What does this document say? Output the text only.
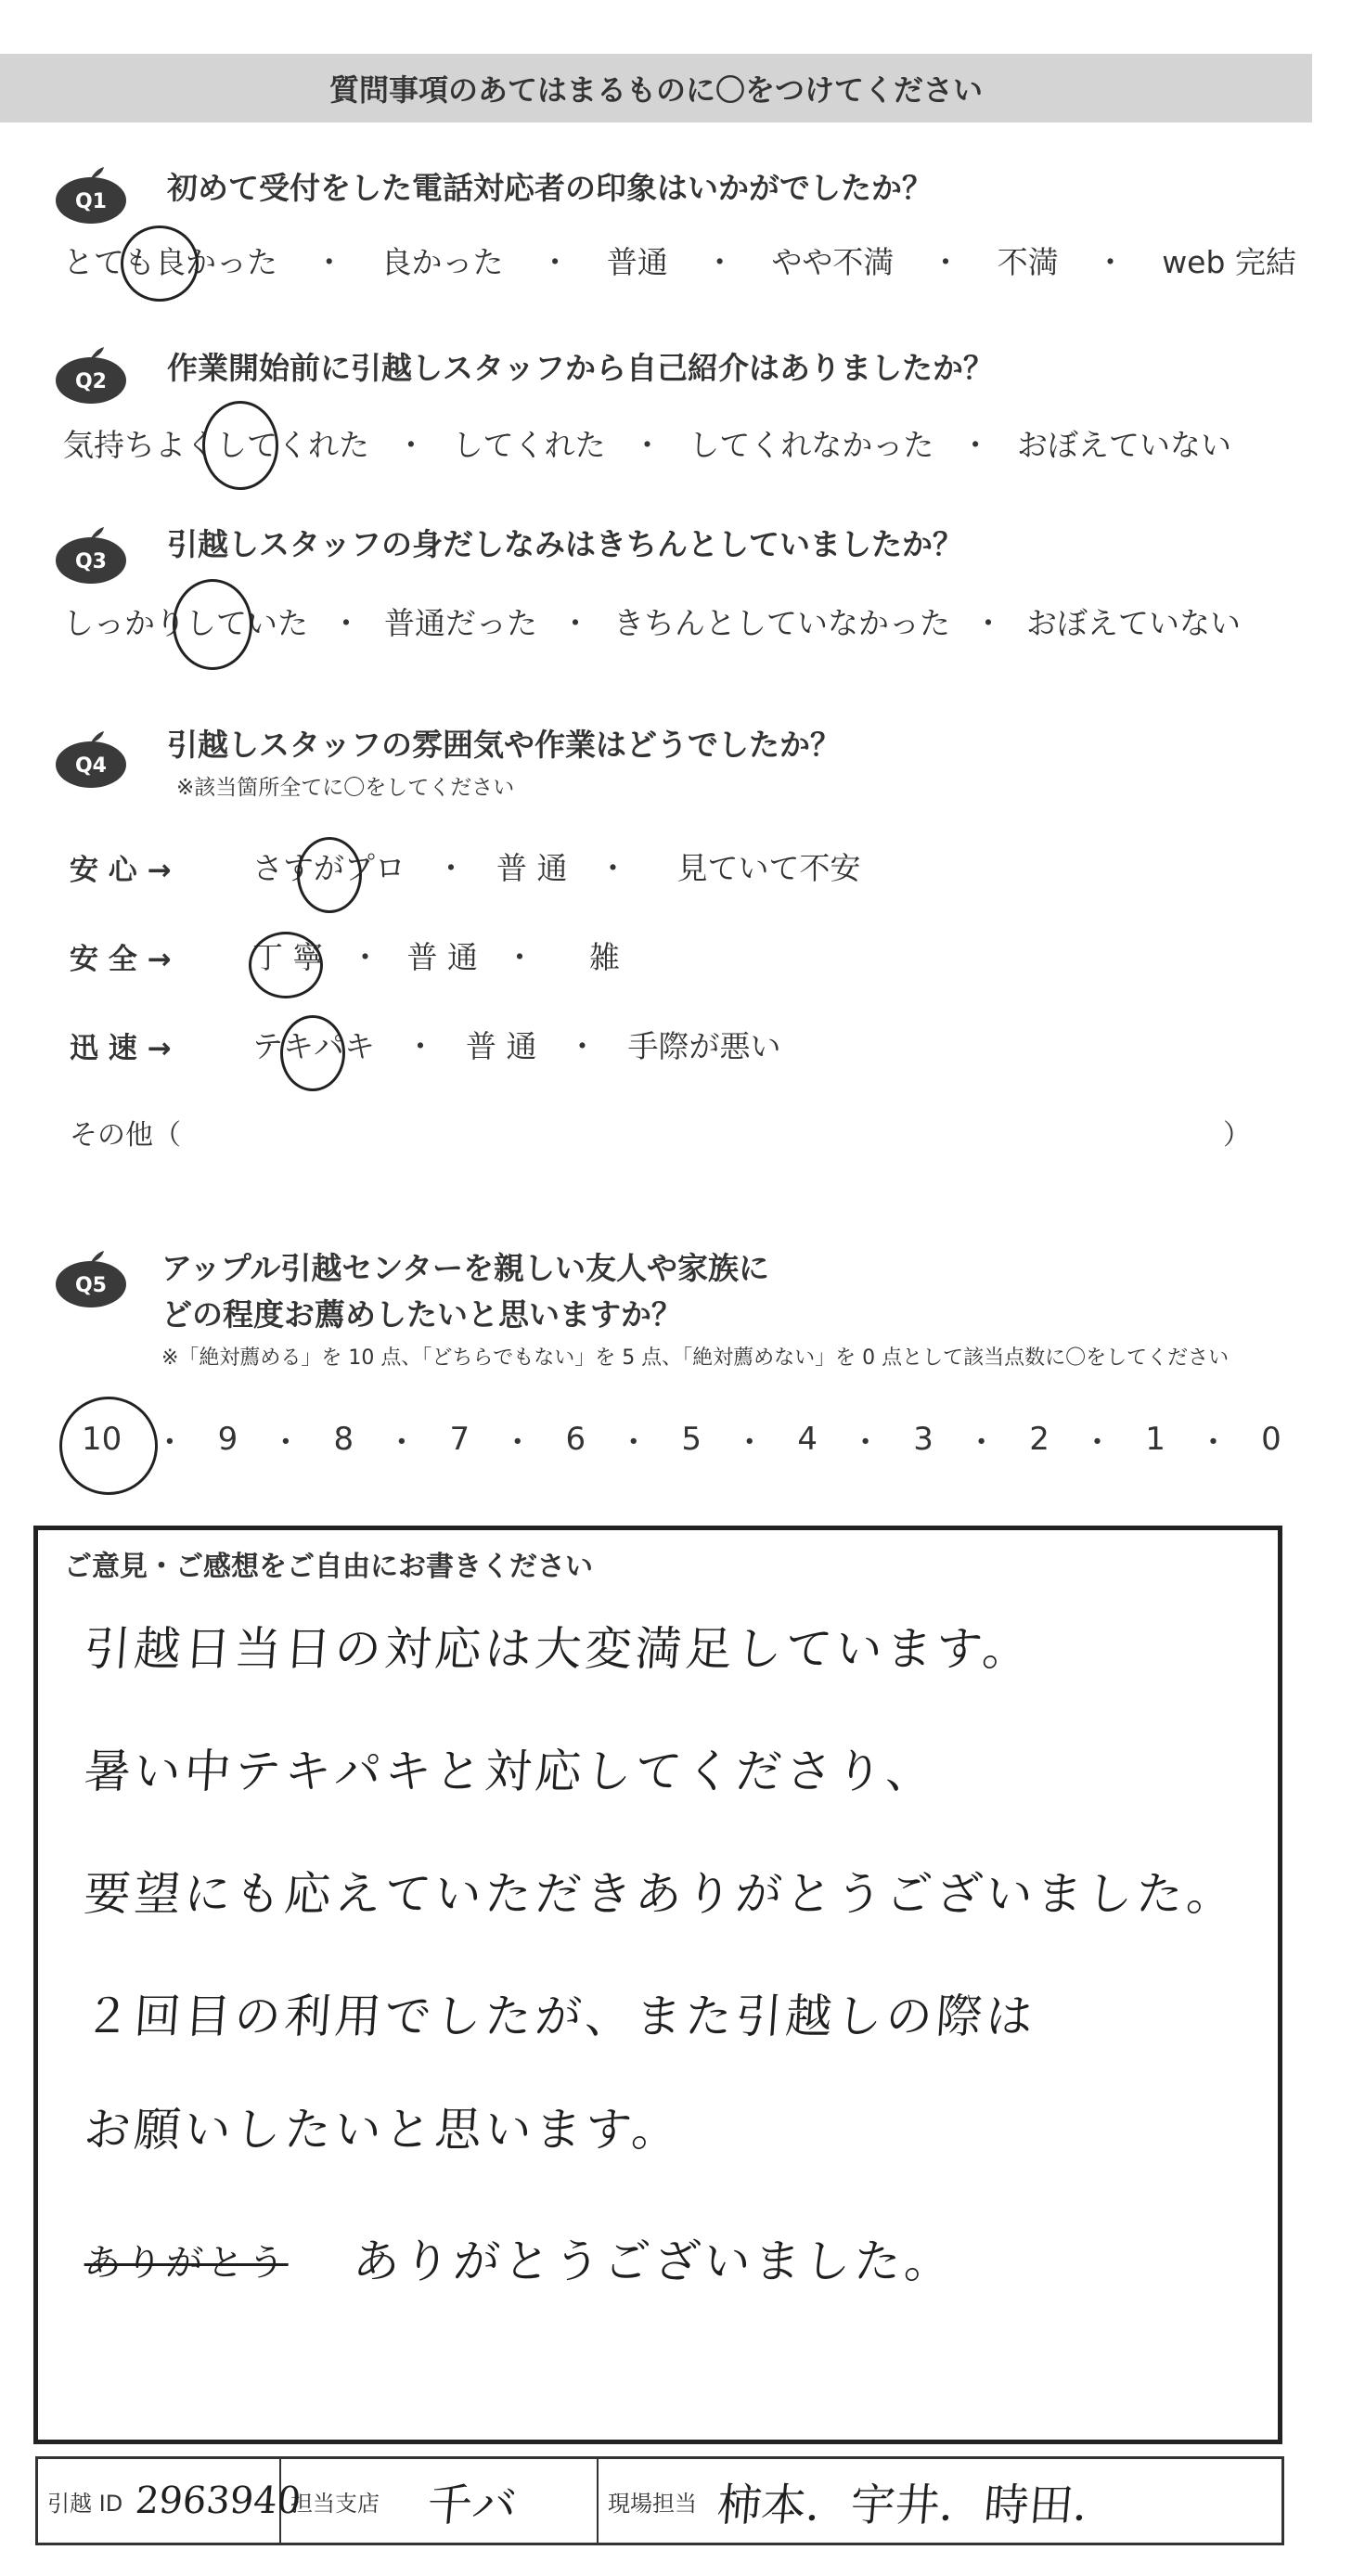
質問事項のあてはまるものに〇をつけてください
Q1 初めて受付をした電話対応者の印象はいかがでしたか？
とても良かった ・ 良かった ・ 普通 ・ やや不満 ・ 不満 ・ web 完結
Q2 作業開始前に引越しスタッフから自己紹介はありましたか？
気持ちよくしてくれた ・ してくれた ・ してくれなかった ・ おぼえていない
Q3 引越しスタッフの身だしなみはきちんとしていましたか？
しっかりしていた ・ 普通だった ・ きちんとしていなかった ・ おぼえていない
Q4
引越しスタッフの雰囲気や作業はどうでしたか？
※該当箇所全てに〇をしてください
安 心 →	さすがプロ ・ 普 通 ・ 見ていて不安
安 全 →	丁 寧 ・ 普 通 ・ 雑
迅 速 →	テキパキ ・ 普 通 ・ 手際が悪い
その他（	）
Q5 アップル引越センターを親しい友人や家族に
どの程度お薦めしたいと思いますか？
※「絶対薦める」を 10 点、「どちらでもない」を 5 点、「絶対薦めない」を 0 点として該当点数に〇をしてください
10 ・ 9 ・ 8 ・ 7 ・ 6 ・ 5 ・ 4 ・ 3 ・ 2 ・ 1 ・ 0
ご意見・ご感想をご自由にお書きください
引越日当日の対応は大変満足しています。
暑い中テキパキと対応してくださり、
要望にも応えていただきありがとうございました。
２回目の利用でしたが、また引越しの際は
お願いしたいと思います。
ありがとう ありがとうございました。
引越 ID 2963940
担当支店 千バ	現場担当 柿本．宇井．時田．
